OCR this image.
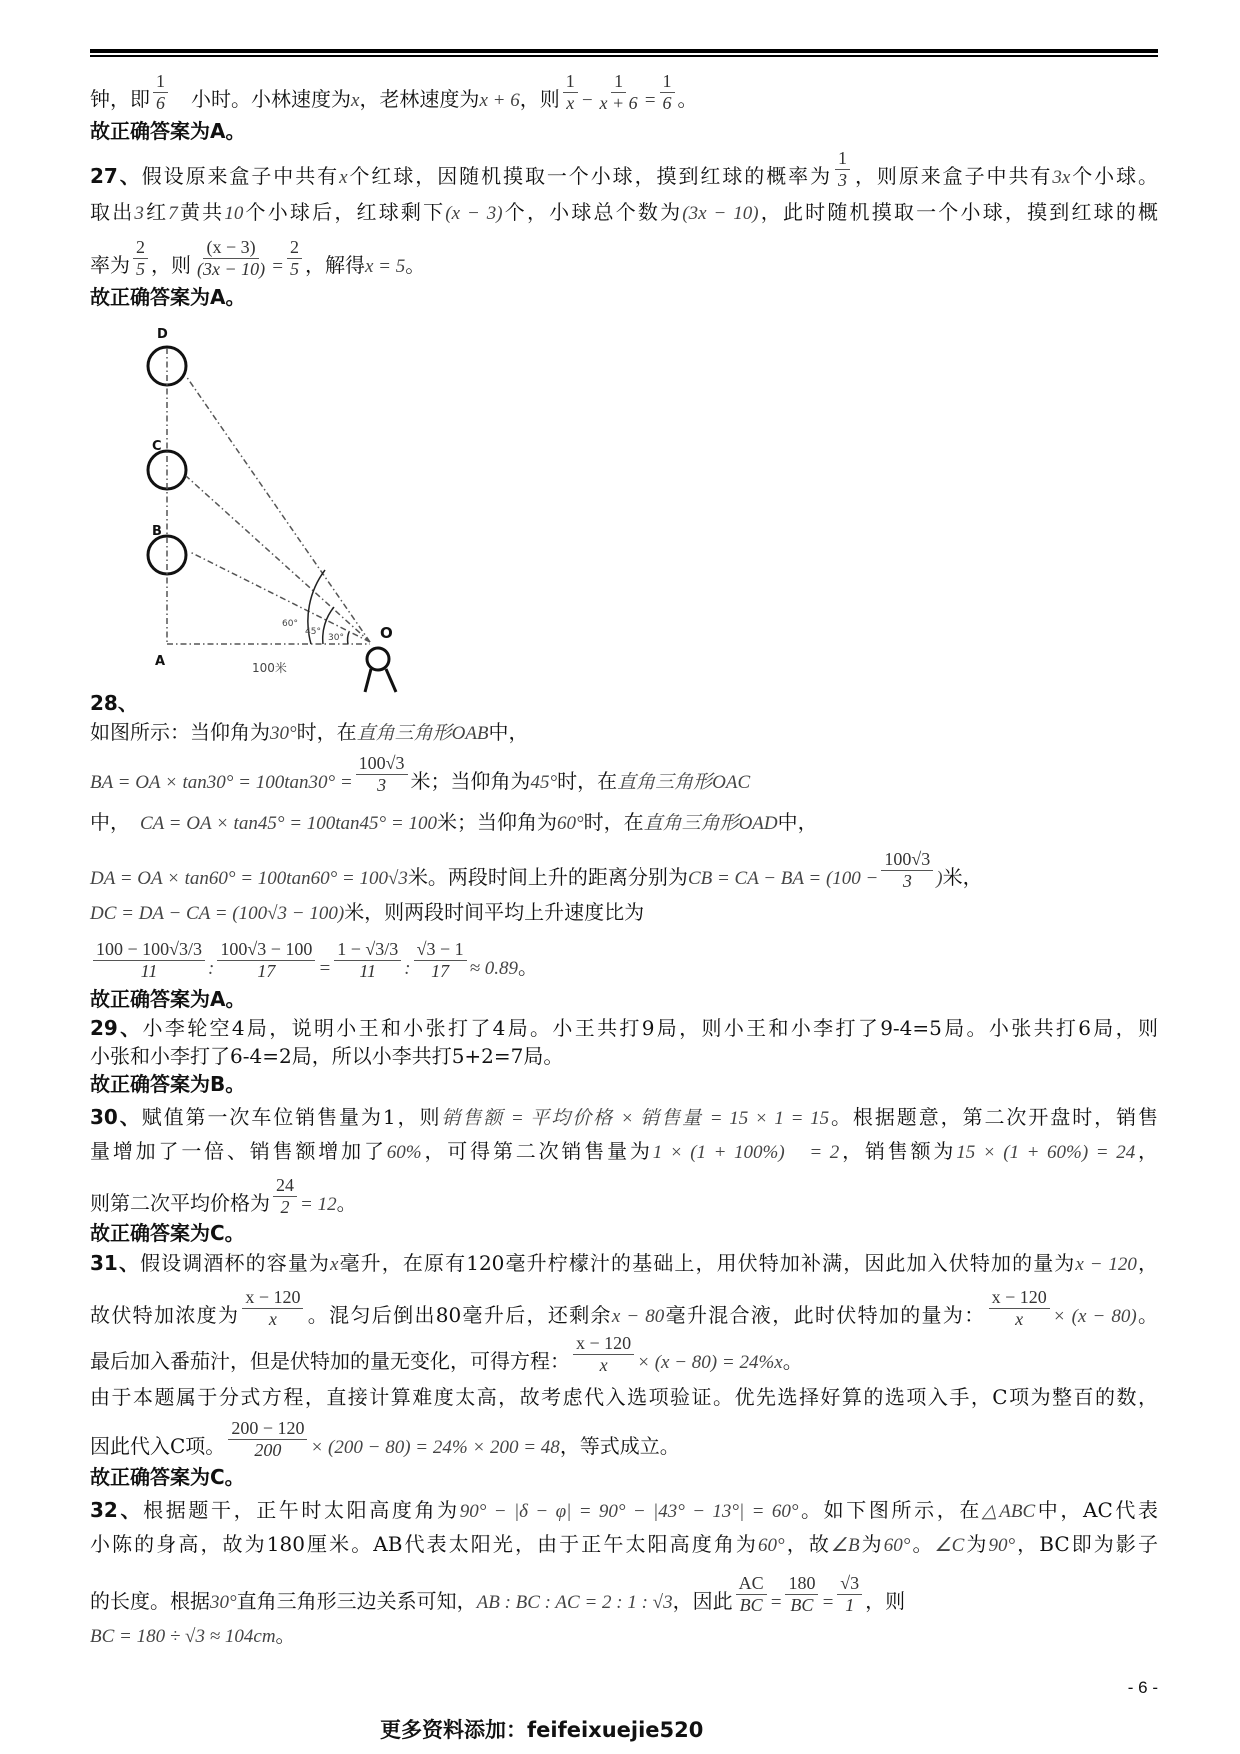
钟，即 $\frac{1}{6}$ 　小时。小林速度为x，老林速度为x + 6，则 $\frac{1}{x} - \frac{1}{x + 6} = \frac{1}{6}$ 。
故正确答案为A。
27、假设原来盒子中共有x个红球，因随机摸取一个小球，摸到红球的概率为 $\frac{1}{3}$ ，则原来盒子中共有3x个小球。
取出3红7黄共10个小球后，红球剩下(x − 3)个，小球总个数为(3x − 10)，此时随机摸取一个小球，摸到红球的概
率为 $\frac{2}{5}$ ，则 $\frac{(x - 3)}{(3x - 10)} = \frac{2}{5}$ ，解得x = 5。
故正确答案为A。
D
C
B
A
O
60°
45°
30°
100米
28、
如图所示：当仰角为30°时，在直角三角形OAB中，
BA = OA × $\tan 30^\circ = 100\tan 30^\circ = \frac{100√3}{3}$ 米；当仰角为45°时，在直角三角形OAC
中，　CA = OA × tan45° = 100tan45° = 100米；当仰角为60°时，在直角三角形OAD中，
DA = OA × tan60° = 100tan60° = 100√3米。两段时间上升的距离分别为CB = CA − BA = ($100 - \frac{100√3}{3}$ )米，
DC = DA − CA = (100√3 − 100)米，则两段时间平均上升速度比为
$\frac{100 - 100√3/3}{11}$ : $\frac{100√3 - 100}{17} = \frac{1 - √3/3}{11}$ : $\frac{√3 - 1}{17} \approx 0.89$。
故正确答案为A。
29、小李轮空4局，说明小王和小张打了4局。小王共打9局，则小王和小李打了9-4=5局。小张共打6局，则
小张和小李打了6-4=2局，所以小李共打5+2=7局。
故正确答案为B。
30、赋值第一次车位销售量为1，则销售额 = 平均价格 × 销售量 = 15 × 1 = 15。根据题意，第二次开盘时，销售
量增加了一倍、销售额增加了60%，可得第二次销售量为1 × (1 + 100%)　= 2，销售额为15 × (1 + 60%) = 24，
则第二次平均价格为 $\frac{24}{2} = 12$。
故正确答案为C。
31、假设调酒杯的容量为x毫升，在原有120毫升柠檬汁的基础上，用伏特加补满，因此加入伏特加的量为x − 120，
故伏特加浓度为 $\frac{x - 120}{x}$ 。混匀后倒出80毫升后，还剩余x − 80毫升混合液，此时伏特加的量为： $\frac{x - 120}{x} \times (x - 80)$。
最后加入番茄汁，但是伏特加的量无变化，可得方程： $\frac{x - 120}{x} \times (x - 80) = 24\%x$。
由于本题属于分式方程，直接计算难度太高，故考虑代入选项验证。优先选择好算的选项入手，C项为整百的数，
因此代入C项。 $\frac{200 - 120}{200} \times (200 - 80) = 24\% \times 200 = 48$，等式成立。
故正确答案为C。
32、根据题干，正午时太阳高度角为90° − |δ − φ| = 90° − |43° − 13°| = 60°。如下图所示，在△ABC中，AC代表
小陈的身高，故为180厘米。AB代表太阳光，由于正午太阳高度角为60°，故∠B为60°。∠C为90°，BC即为影子
的长度。根据30°直角三角形三边关系可知，AB : BC : AC = 2 : 1 : √3，因此 $\frac{AC}{BC} = \frac{180}{BC} = \frac{√3}{1}$ ，则
BC = 180 ÷ √3 ≈ 104cm。
- 6 -
更多资料添加：feifeixuejie520
